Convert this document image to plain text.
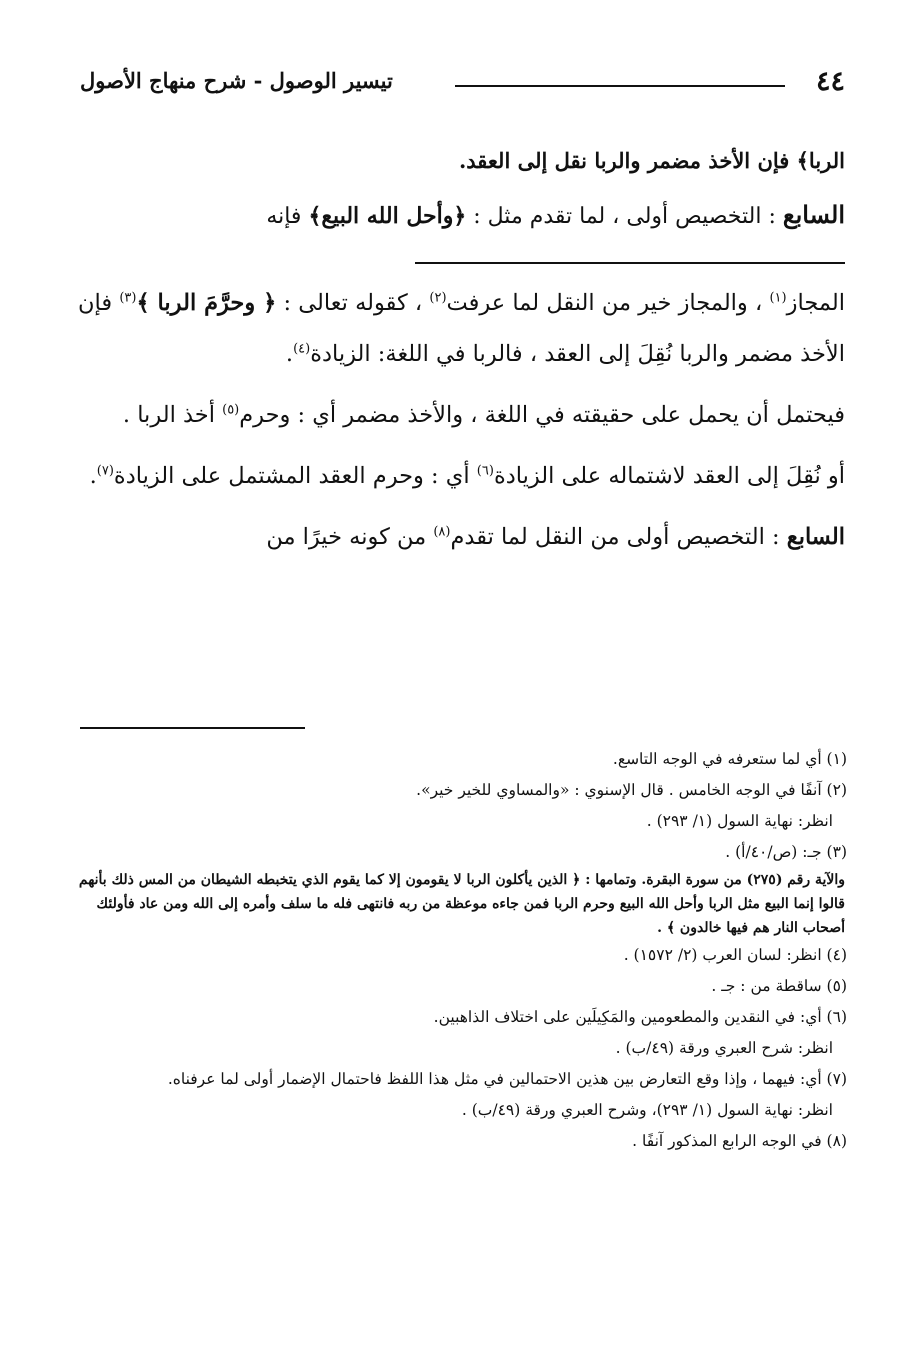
٤٤
تيسير الوصول - شرح منهاج الأصول
الربا﴾ فإن الأخذ مضمر والربا نقل إلى العقد.
السابع : التخصيص أولى ، لما تقدم مثل : ﴿وأحل الله البيع﴾ فإنه

المجاز$^{(١)}$ ، والمجاز خير من النقل لما عرفت$^{(٢)}$ ، كقوله تعالى : ﴿ وحرَّمَ الربا ﴾$^{(٣)}$ فإن الأخذ مضمر والربا نُقِلَ إلى العقد ، فالربا في اللغة: الزيادة$^{(٤)}$.

فيحتمل أن يحمل على حقيقته في اللغة ، والأخذ مضمر أي : وحرم$^{(٥)}$ أخذ الربا .

أو نُقِلَ إلى العقد لاشتماله على الزيادة$^{(٦)}$ أي : وحرم العقد المشتمل على الزيادة$^{(٧)}$.

السابع : التخصيص أولى من النقل لما تقدم$^{(٨)}$ من كونه خيرًا من

(١) أي لما ستعرفه في الوجه التاسع.

(٢) آنفًا في الوجه الخامس . قال الإسنوي : «والمساوي للخير خير».

انظر: نهاية السول (١/ ٢٩٣) .

(٣) جـ: (ص/٤٠/أ) .

والآية رقم (٢٧٥) من سورة البقرة. وتمامها : ﴿ الذين يأكلون الربا لا يقومون إلا كما يقوم الذي يتخبطه الشيطان من المس ذلك بأنهم قالوا إنما البيع مثل الربا وأحل الله البيع وحرم الربا فمن جاءه موعظة من ربه فانتهى فله ما سلف وأمره إلى الله ومن عاد فأولئك أصحاب النار هم فيها خالدون ﴾ .

(٤) انظر: لسان العرب (٢/ ١٥٧٢) .

(٥) ساقطة من : جـ .

(٦) أي: في النقدين والمطعومين والمَكِيلَين على اختلاف الذاهبين.

انظر: شرح العبري ورقة (٤٩/ب) .

(٧) أي: فيهما ، وإذا وقع التعارض بين هذين الاحتمالين في مثل هذا اللفظ فاحتمال الإضمار أولى لما عرفناه.

انظر: نهاية السول (١/ ٢٩٣)، وشرح العبري ورقة (٤٩/ب) .

(٨) في الوجه الرابع المذكور آنفًا .
